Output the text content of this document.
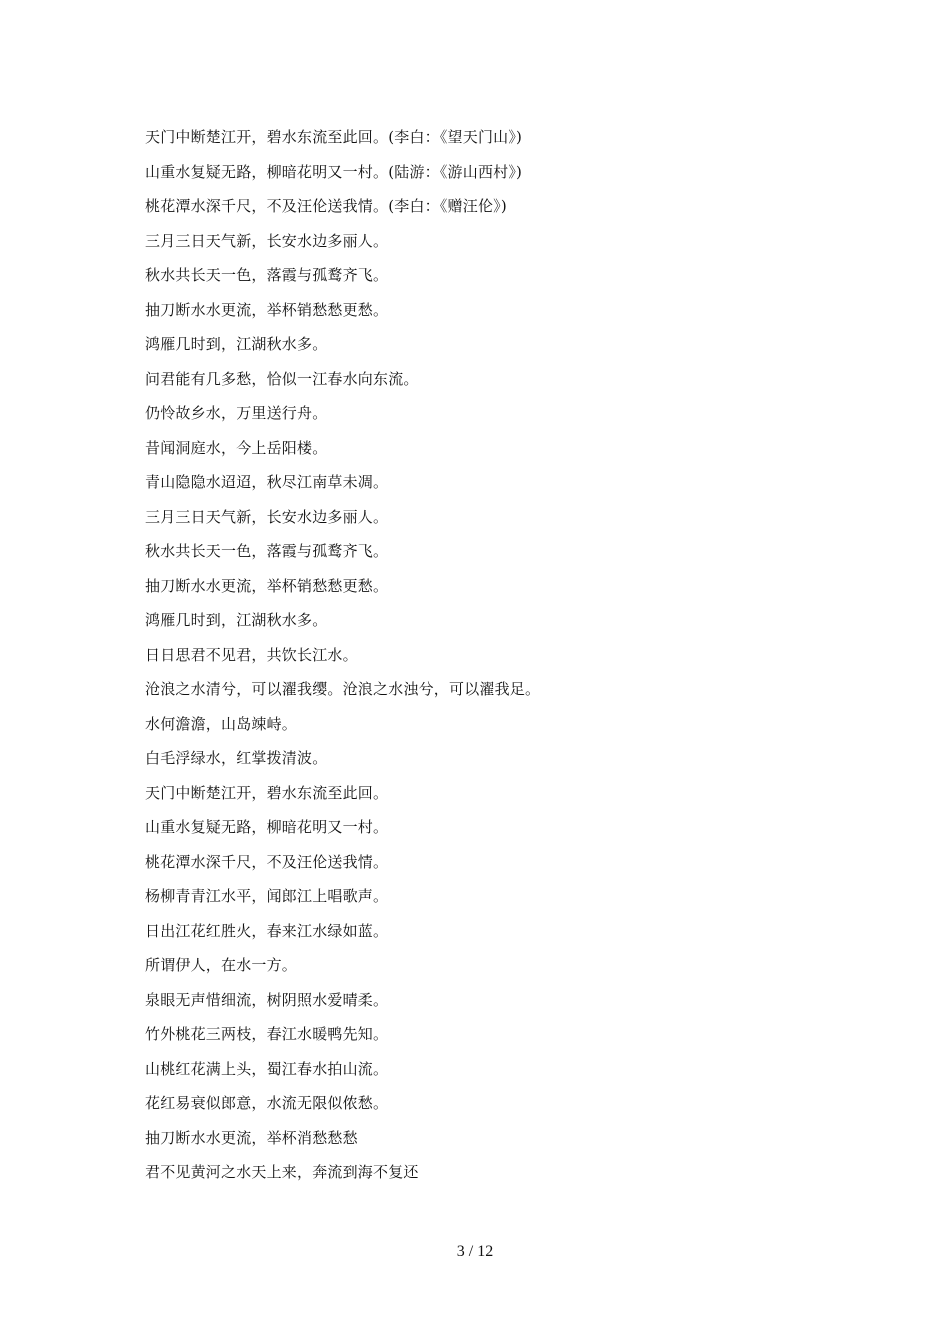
天门中断楚江开，碧水东流至此回。(李白：《望天门山》)
山重水复疑无路，柳暗花明又一村。(陆游：《游山西村》)
桃花潭水深千尺，不及汪伦送我情。(李白：《赠汪伦》)
三月三日天气新，长安水边多丽人。
秋水共长天一色，落霞与孤鹜齐飞。
抽刀断水水更流，举杯销愁愁更愁。
鸿雁几时到，江湖秋水多。
问君能有几多愁，恰似一江春水向东流。
仍怜故乡水，万里送行舟。
昔闻洞庭水，今上岳阳楼。
青山隐隐水迢迢，秋尽江南草未凋。
三月三日天气新，长安水边多丽人。
秋水共长天一色，落霞与孤鹜齐飞。
抽刀断水水更流，举杯销愁愁更愁。
鸿雁几时到，江湖秋水多。
日日思君不见君，共饮长江水。
沧浪之水清兮，可以濯我缨。沧浪之水浊兮，可以濯我足。
水何澹澹，山岛竦峙。
白毛浮绿水，红掌拨清波。
天门中断楚江开，碧水东流至此回。
山重水复疑无路，柳暗花明又一村。
桃花潭水深千尺，不及汪伦送我情。
杨柳青青江水平，闻郎江上唱歌声。
日出江花红胜火，春来江水绿如蓝。
所谓伊人，在水一方。
泉眼无声惜细流，树阴照水爱晴柔。
竹外桃花三两枝，春江水暖鸭先知。
山桃红花满上头，蜀江春水拍山流。
花红易衰似郎意，水流无限似侬愁。
抽刀断水水更流，举杯消愁愁愁
君不见黄河之水天上来，奔流到海不复还
3 / 12
